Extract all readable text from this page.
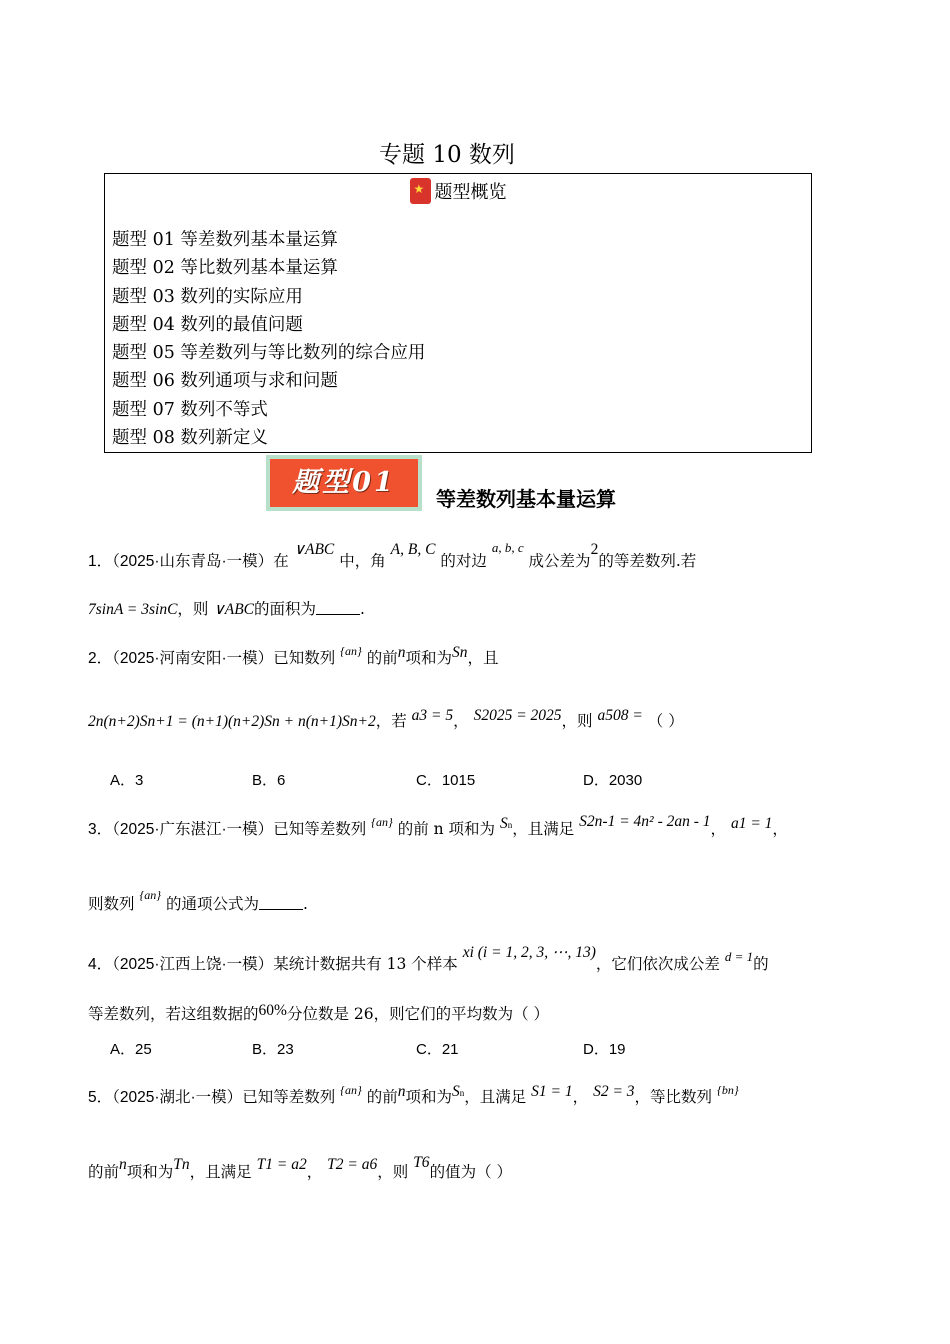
专题 10 数列
★题型概览
题型 01 等差数列基本量运算
题型 02 等比数列基本量运算
题型 03 数列的实际应用
题型 04 数列的最值问题
题型 05 等差数列与等比数列的综合应用
题型 06 数列通项与求和问题
题型 07 数列不等式
题型 08 数列新定义
题型01
等差数列基本量运算
1．（2025·山东青岛·一模）在 ∨ABC 中，角 A, B, C 的对边 $^{a, b, c}$ 成公差为2的等差数列.若
7sinA = 3sinC，则 ∨ABC的面积为	.
2．（2025·河南安阳·一模）已知数列 $^{\{an\}}$ 的前n项和为Sn，且
2n(n+2)Sn+1 = (n+1)(n+2)Sn + n(n+1)Sn+2，若 a3 = 5， S2025 = 2025，则 a508 = （ ）
A．3	B．6	C．1015	D．2030
3．（2025·广东湛江·一模）已知等差数列 $^{\{an\}}$ 的前 n 项和为 Sn，且满足 S2n-1 = 4n² - 2an - 1， a1 = 1，
则数列 $^{\{an\}}$ 的通项公式为	.
4．（2025·江西上饶·一模）某统计数据共有 13 个样本 xi (i = 1, 2, 3, ⋯, 13)，它们依次成公差 $^{d = 1}$的
等差数列，若这组数据的60%分位数是 26，则它们的平均数为（ ）
A．25	B．23	C．21	D．19
5．（2025·湖北·一模）已知等差数列 $^{\{an\}}$ 的前n项和为Sn，且满足 S1 = 1， S2 = 3，等比数列 $^{\{bn\}}$
的前n项和为Tn，且满足 T1 = a2， T2 = a6，则 T6的值为（ ）
